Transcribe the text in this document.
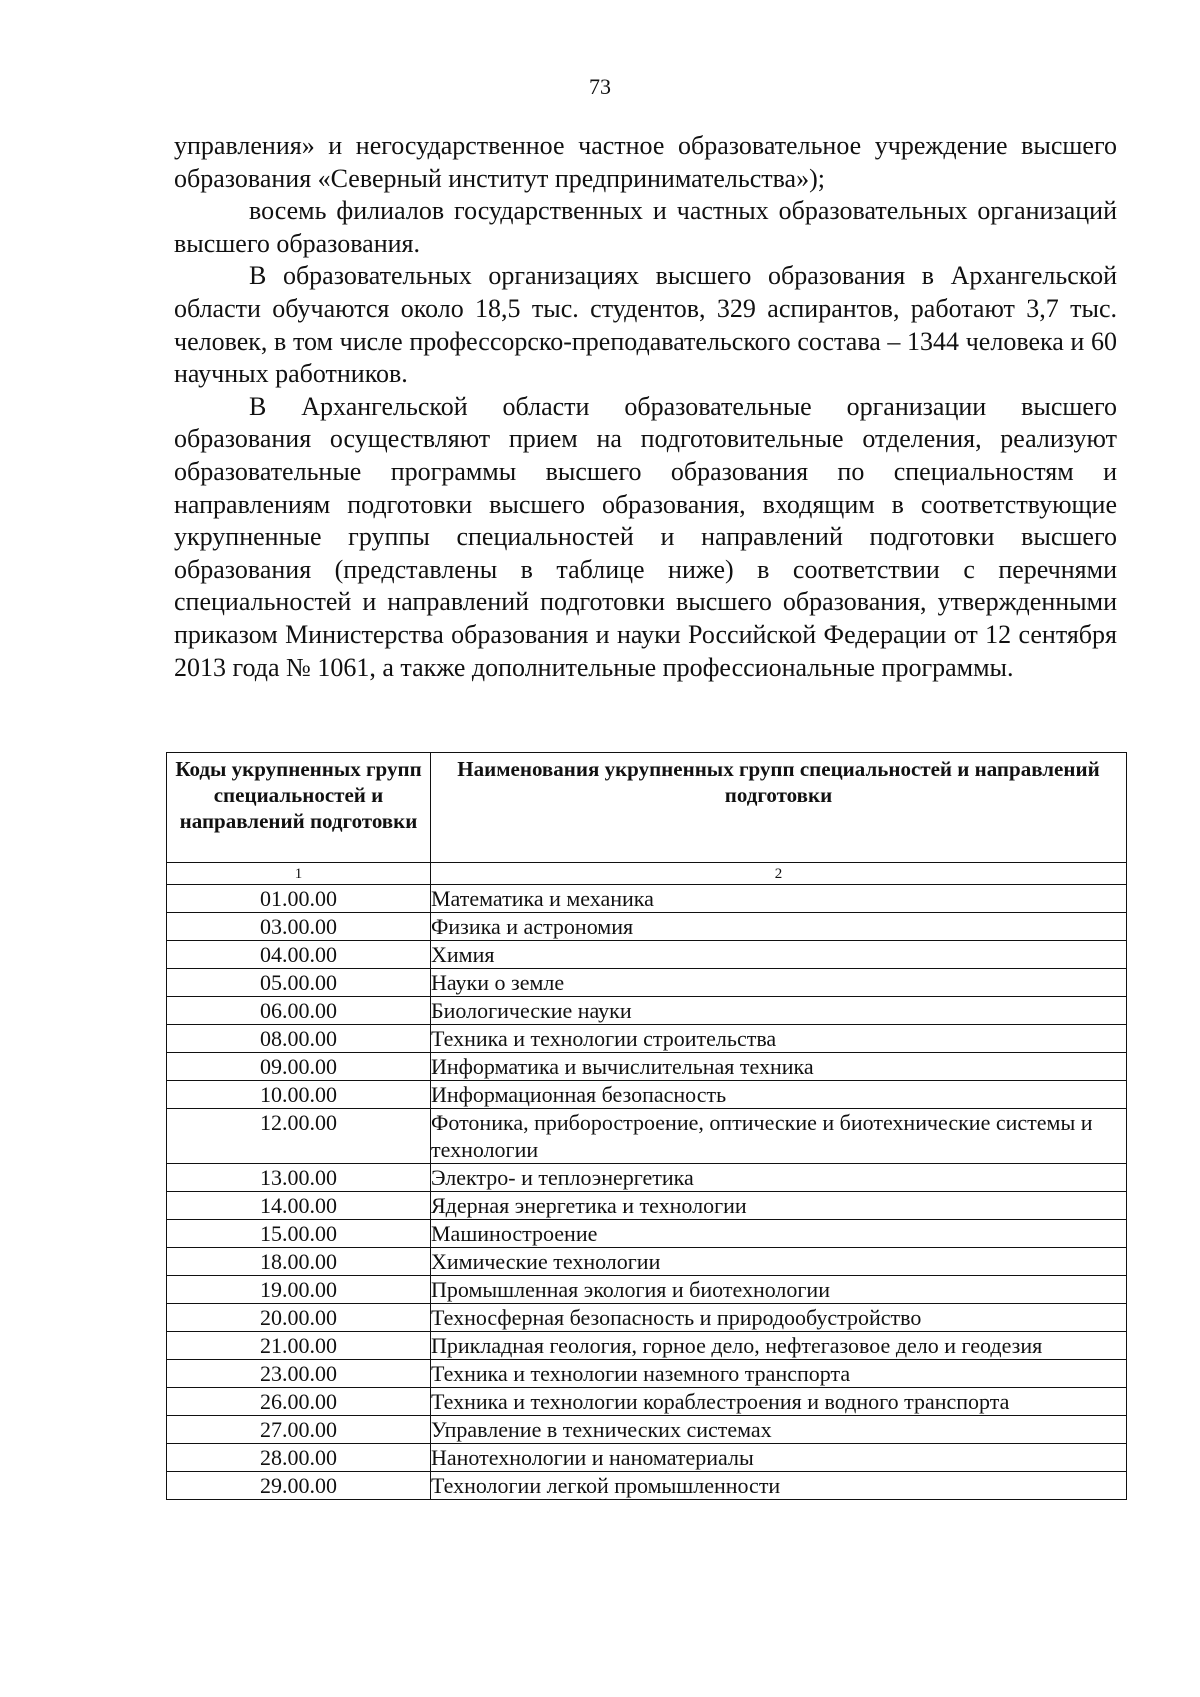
73

управления» и негосударственное частное образовательное учреждение высшего образования «Северный институт предпринимательства»);

восемь филиалов государственных и частных образовательных организаций высшего образования.

В образовательных организациях высшего образования в Архангельской области обучаются около 18,5 тыс. студентов, 329 аспирантов, работают 3,7 тыс. человек, в том числе профессорско-преподавательского состава – 1344 человека и 60 научных работников.

В Архангельской области образовательные организации высшего образования осуществляют прием на подготовительные отделения, реализуют образовательные программы высшего образования по специальностям и направлениям подготовки высшего образования, входящим в соответствующие укрупненные группы специальностей и направлений подготовки высшего образования (представлены в таблице ниже) в соответствии с перечнями специальностей и направлений подготовки высшего образования, утвержденными приказом Министерства образования и науки Российской Федерации от 12 сентября 2013 года № 1061, а также дополнительные профессиональные программы.

Коды укрупненных групп специальностей и направлений подготовки	Наименования укрупненных групп специальностей и направлений подготовки
1	2
01.00.00	Математика и механика
03.00.00	Физика и астрономия
04.00.00	Химия
05.00.00	Науки о земле
06.00.00	Биологические науки
08.00.00	Техника и технологии строительства
09.00.00	Информатика и вычислительная техника
10.00.00	Информационная безопасность
12.00.00	Фотоника, приборостроение, оптические и биотехнические системы и технологии
13.00.00	Электро- и теплоэнергетика
14.00.00	Ядерная энергетика и технологии
15.00.00	Машиностроение
18.00.00	Химические технологии
19.00.00	Промышленная экология и биотехнологии
20.00.00	Техносферная безопасность и природообустройство
21.00.00	Прикладная геология, горное дело, нефтегазовое дело и геодезия
23.00.00	Техника и технологии наземного транспорта
26.00.00	Техника и технологии кораблестроения и водного транспорта
27.00.00	Управление в технических системах
28.00.00	Нанотехнологии и наноматериалы
29.00.00	Технологии легкой промышленности
